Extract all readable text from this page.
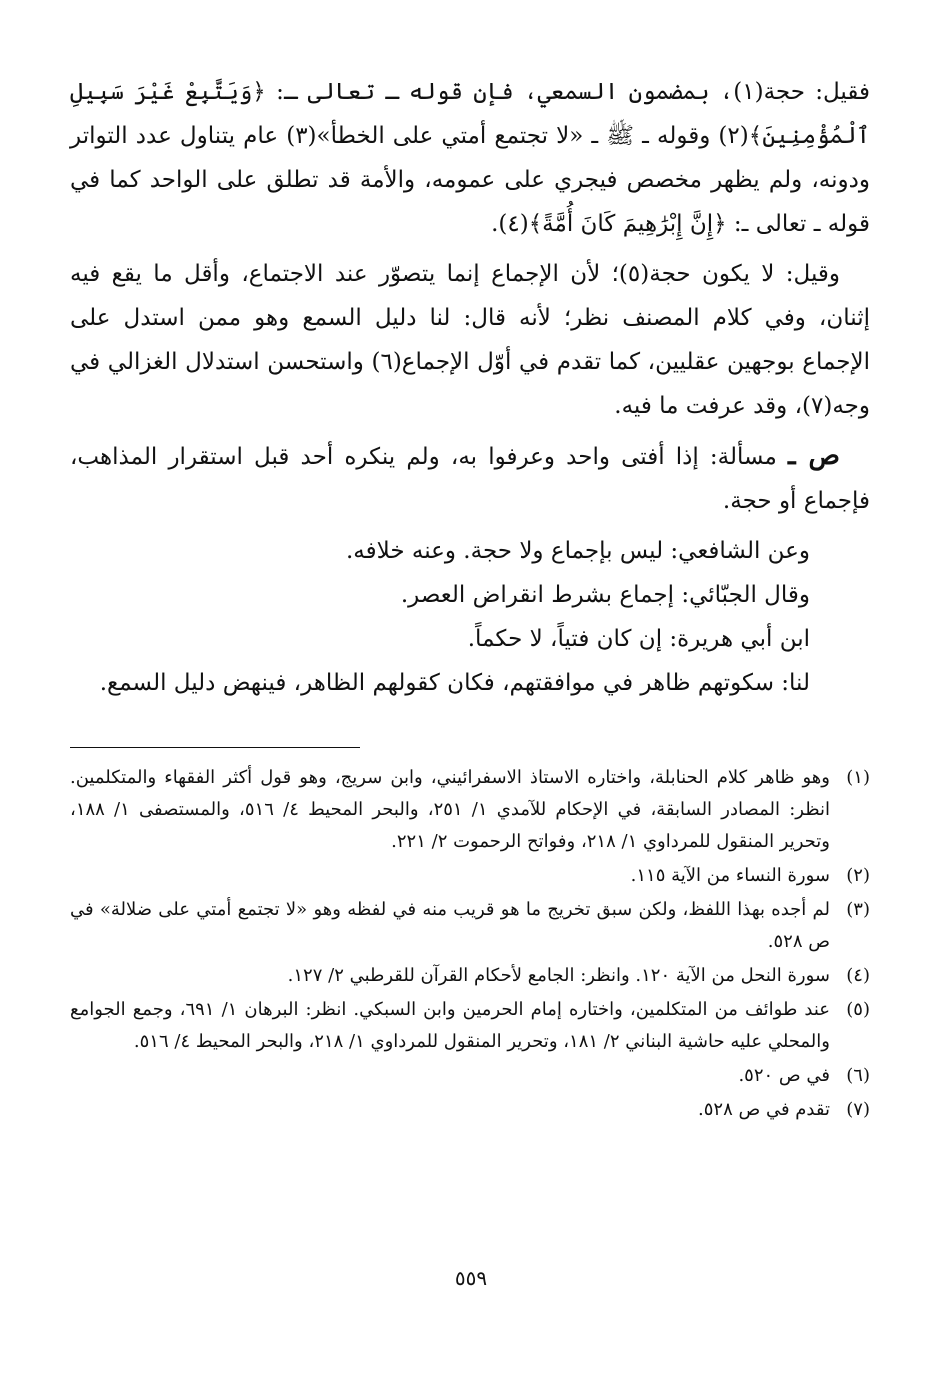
فقيل: حجة(١)، بمضمون السمعي، فإن قوله ـ تعالى ـ: ﴿وَيَتَّبِعْ غَيْرَ سَبِيلِ ٱلْمُؤْمِنِينَ﴾(٢) وقوله ـ ﷺ ـ «لا تجتمع أمتي على الخطأ»(٣) عام يتناول عدد التواتر ودونه، ولم يظهر مخصص فيجري على عمومه، والأمة قد تطلق على الواحد كما في قوله ـ تعالى ـ: ﴿إِنَّ إِبْرَٰهِيمَ كَانَ أُمَّةً﴾(٤).

وقيل: لا يكون حجة(٥)؛ لأن الإجماع إنما يتصوّر عند الاجتماع، وأقل ما يقع فيه إثنان، وفي كلام المصنف نظر؛ لأنه قال: لنا دليل السمع وهو ممن استدل على الإجماع بوجهين عقليين، كما تقدم في أوّل الإجماع(٦) واستحسن استدلال الغزالي في وجه(٧)، وقد عرفت ما فيه.

ص ـ مسألة: إذا أفتى واحد وعرفوا به، ولم ينكره أحد قبل استقرار المذاهب، فإجماع أو حجة.

وعن الشافعي: ليس بإجماع ولا حجة. وعنه خلافه.

وقال الجبّائي: إجماع بشرط انقراض العصر.

ابن أبي هريرة: إن كان فتياً، لا حكماً.

لنا: سكوتهم ظاهر في موافقتهم، فكان كقولهم الظاهر، فينهض دليل السمع.

(١)
وهو ظاهر كلام الحنابلة، واختاره الاستاذ الاسفرائيني، وابن سريج، وهو قول أكثر الفقهاء والمتكلمين. انظر: المصادر السابقة، في الإحكام للآمدي ١/ ٢٥١، والبحر المحيط ٤/ ٥١٦، والمستصفى ١/ ١٨٨، وتحرير المنقول للمرداوي ١/ ٢١٨، وفواتح الرحموت ٢/ ٢٢١.
(٢)
سورة النساء من الآية ١١٥.
(٣)
لم أجده بهذا اللفظ، ولكن سبق تخريج ما هو قريب منه في لفظه وهو «لا تجتمع أمتي على ضلالة» في ص ٥٢٨.
(٤)
سورة النحل من الآية ١٢٠. وانظر: الجامع لأحكام القرآن للقرطبي ٢/ ١٢٧.
(٥)
عند طوائف من المتكلمين، واختاره إمام الحرمين وابن السبكي. انظر: البرهان ١/ ٦٩١، وجمع الجوامع والمحلي عليه حاشية البناني ٢/ ١٨١، وتحرير المنقول للمرداوي ١/ ٢١٨، والبحر المحيط ٤/ ٥١٦.
(٦)
في ص ٥٢٠.
(٧)
تقدم في ص ٥٢٨.
٥٥٩
